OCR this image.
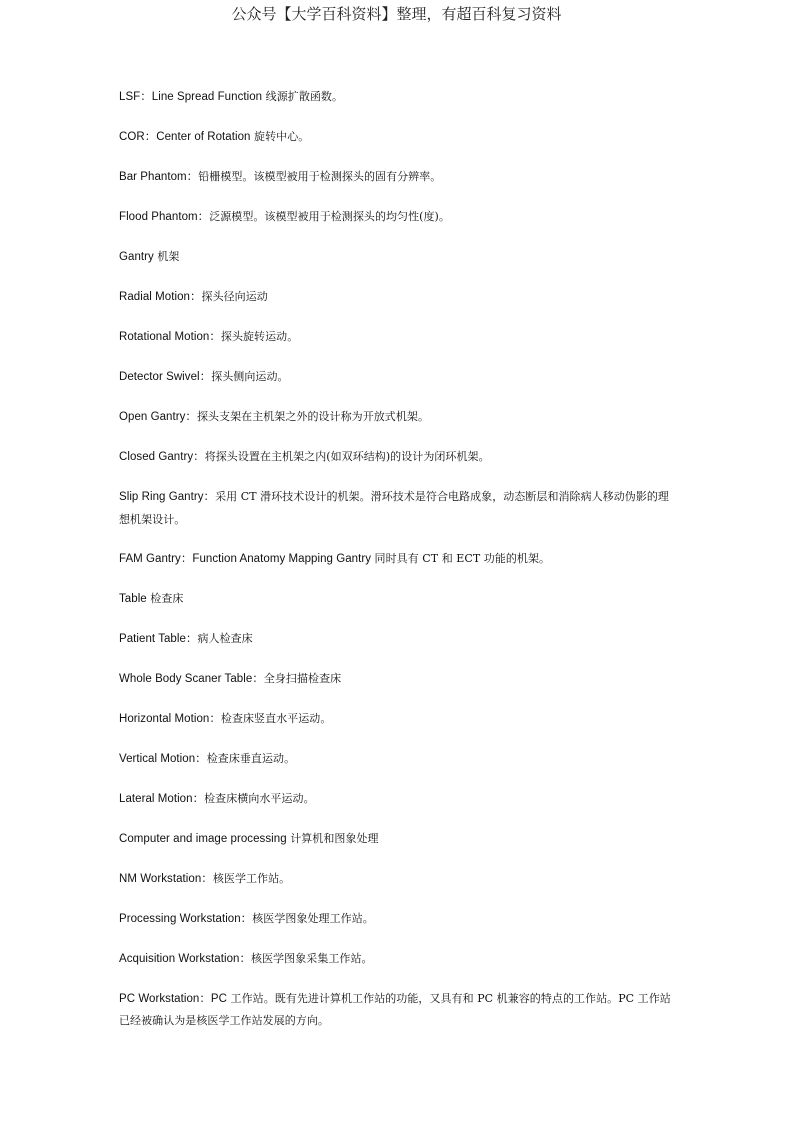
公众号【大学百科资料】整理，有超百科复习资料
LSF：Line Spread Function 线源扩散函数。
COR：Center of Rotation 旋转中心。
Bar Phantom：铅栅模型。该模型被用于检测探头的固有分辨率。
Flood Phantom：泛源模型。该模型被用于检测探头的均匀性(度)。
Gantry 机架
Radial Motion：探头径向运动
Rotational Motion：探头旋转运动。
Detector Swivel：探头侧向运动。
Open Gantry：探头支架在主机架之外的设计称为开放式机架。
Closed Gantry：将探头设置在主机架之内(如双环结构)的设计为闭环机架。
Slip Ring Gantry：采用 CT 滑环技术设计的机架。滑环技术是符合电路成象，动态断层和消除病人移动伪影的理想机架设计。
FAM Gantry：Function Anatomy Mapping Gantry 同时具有 CT 和 ECT 功能的机架。
Table 检查床
Patient Table：病人检查床
Whole Body Scaner Table：全身扫描检查床
Horizontal Motion：检查床竖直水平运动。
Vertical Motion：检查床垂直运动。
Lateral Motion：检查床横向水平运动。
Computer and image processing 计算机和图象处理
NM Workstation：核医学工作站。
Processing Workstation：核医学图象处理工作站。
Acquisition Workstation：核医学图象采集工作站。
PC Workstation：PC 工作站。既有先进计算机工作站的功能，又具有和 PC 机兼容的特点的工作站。PC 工作站已经被确认为是核医学工作站发展的方向。
